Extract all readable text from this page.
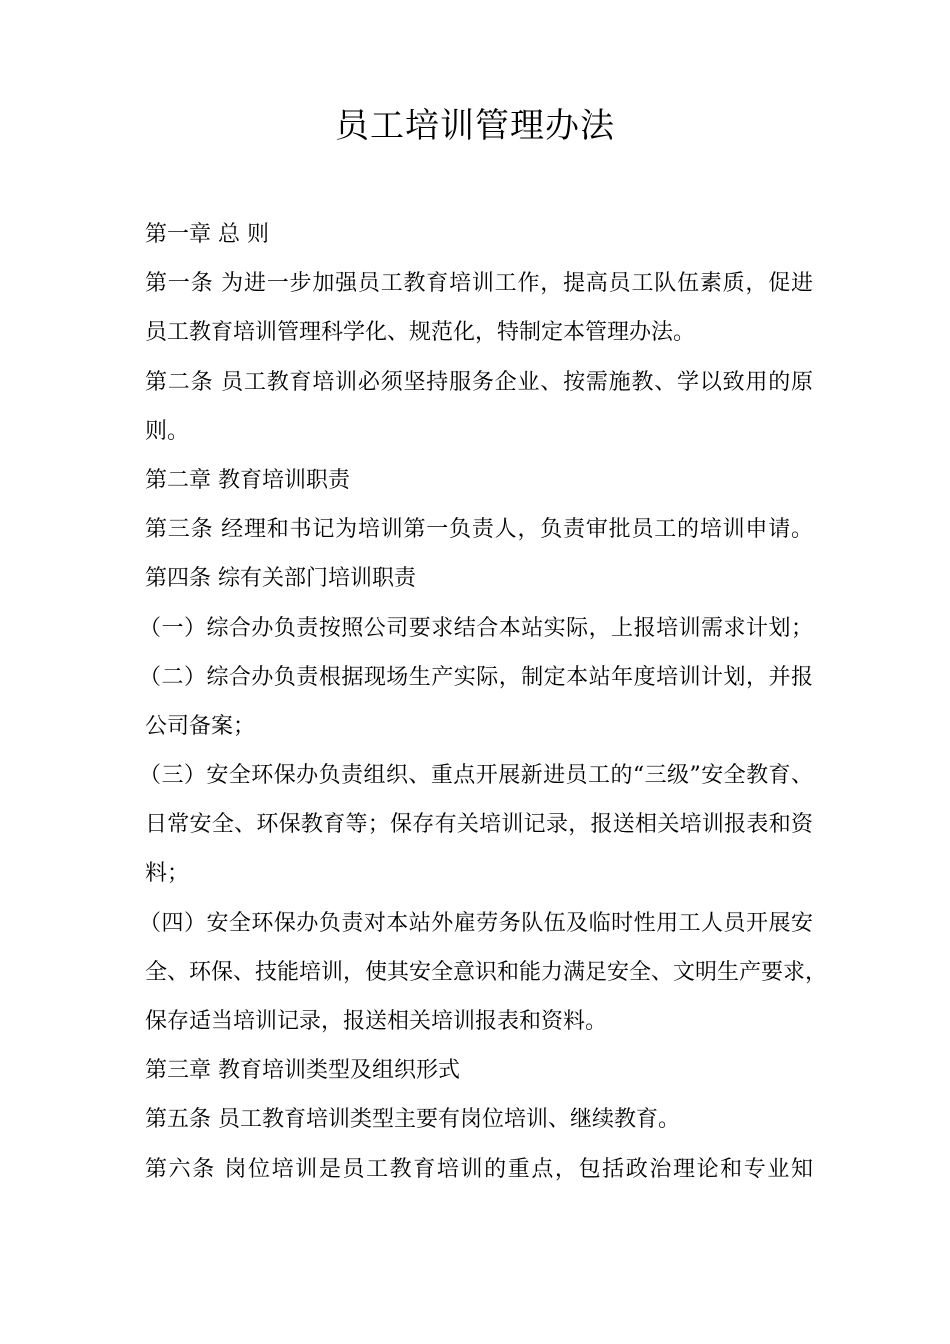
员工培训管理办法
第一章 总 则
第一条 为进一步加强员工教育培训工作，提高员工队伍素质，促进
员工教育培训管理科学化、规范化，特制定本管理办法。
第二条 员工教育培训必须坚持服务企业、按需施教、学以致用的原
则。
第二章 教育培训职责
第三条 经理和书记为培训第一负责人，负责审批员工的培训申请。
第四条 综有关部门培训职责
（一）综合办负责按照公司要求结合本站实际，上报培训需求计划；
（二）综合办负责根据现场生产实际，制定本站年度培训计划，并报
公司备案；
（三）安全环保办负责组织、重点开展新进员工的“三级”安全教育、
日常安全、环保教育等；保存有关培训记录，报送相关培训报表和资
料；
（四）安全环保办负责对本站外雇劳务队伍及临时性用工人员开展安
全、环保、技能培训，使其安全意识和能力满足安全、文明生产要求，
保存适当培训记录，报送相关培训报表和资料。
第三章 教育培训类型及组织形式
第五条 员工教育培训类型主要有岗位培训、继续教育。
第六条 岗位培训是员工教育培训的重点，包括政治理论和专业知
